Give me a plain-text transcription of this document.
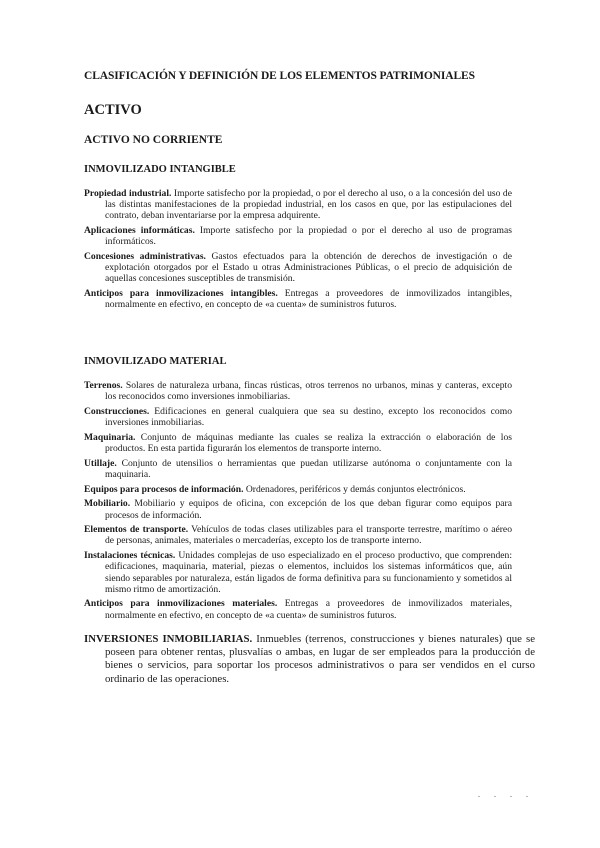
CLASIFICACIÓN Y DEFINICIÓN DE LOS ELEMENTOS PATRIMONIALES
ACTIVO
ACTIVO NO CORRIENTE
INMOVILIZADO INTANGIBLE

Propiedad industrial. Importe satisfecho por la propiedad, o por el derecho al uso, o a la concesión del uso de las distintas manifestaciones de la propiedad industrial, en los casos en que, por las estipulaciones del contrato, deban inventariarse por la empresa adquirente.

Aplicaciones informáticas. Importe satisfecho por la propiedad o por el derecho al uso de programas informáticos.

Concesiones administrativas. Gastos efectuados para la obtención de derechos de investigación o de explotación otorgados por el Estado u otras Administraciones Públicas, o el precio de adquisición de aquellas concesiones susceptibles de transmisión.

Anticipos para inmovilizaciones intangibles. Entregas a proveedores de inmovilizados intangibles, normalmente en efectivo, en concepto de «a cuenta» de suministros futuros.

INMOVILIZADO MATERIAL

Terrenos. Solares de naturaleza urbana, fincas rústicas, otros terrenos no urbanos, minas y canteras, excepto los reconocidos como inversiones inmobiliarias.

Construcciones. Edificaciones en general cualquiera que sea su destino, excepto los reconocidos como inversiones inmobiliarias.

Maquinaria. Conjunto de máquinas mediante las cuales se realiza la extracción o elaboración de los productos. En esta partida figurarán los elementos de transporte interno.

Utillaje. Conjunto de utensilios o herramientas que puedan utilizarse autónoma o conjuntamente con la maquinaria.

Equipos para procesos de información. Ordenadores, periféricos y demás conjuntos electrónicos.

Mobiliario. Mobiliario y equipos de oficina, con excepción de los que deban figurar como equipos para procesos de información.

Elementos de transporte. Vehículos de todas clases utilizables para el transporte terrestre, marítimo o aéreo de personas, animales, materiales o mercaderías, excepto los de transporte interno.

Instalaciones técnicas. Unidades complejas de uso especializado en el proceso productivo, que comprenden: edificaciones, maquinaria, material, piezas o elementos, incluidos los sistemas informáticos que, aún siendo separables por naturaleza, están ligados de forma definitiva para su funcionamiento y sometidos al mismo ritmo de amortización.

Anticipos para inmovilizaciones materiales. Entregas a proveedores de inmovilizados materiales, normalmente en efectivo, en concepto de «a cuenta» de suministros futuros.

INVERSIONES INMOBILIARIAS. Inmuebles (terrenos, construcciones y bienes naturales) que se poseen para obtener rentas, plusvalías o ambas, en lugar de ser empleados para la producción de bienes o servicios, para soportar los procesos administrativos o para ser vendidos en el curso ordinario de las operaciones.

. . . .
